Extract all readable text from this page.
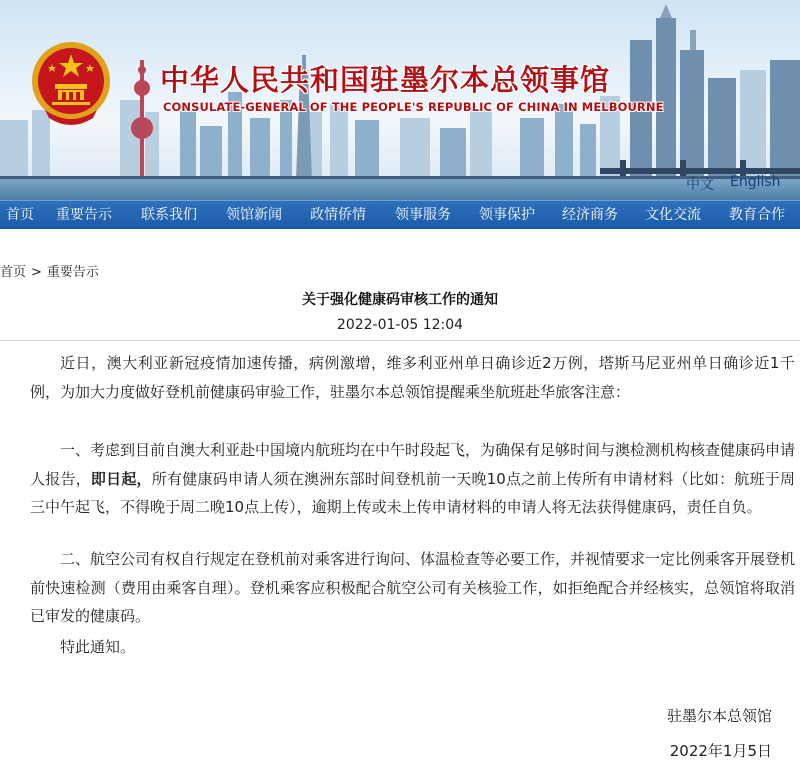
中华人民共和国驻墨尔本总领事馆
CONSULATE-GENERAL OF THE PEOPLE'S REPUBLIC OF CHINA IN MELBOURNE
中文 English
首页 重要告示 联系我们 领馆新闻 政情侨情 领事服务 领事保护 经济商务 文化交流 教育合作
首页 > 重要告示
关于强化健康码审核工作的通知
2022-01-05 12:04

近日，澳大利亚新冠疫情加速传播，病例激增，维多利亚州单日确诊近2万例，塔斯马尼亚州单日确诊近1千例，为加大力度做好登机前健康码审验工作，驻墨尔本总领馆提醒乘坐航班赴华旅客注意：

一、考虑到目前自澳大利亚赴中国境内航班均在中午时段起飞，为确保有足够时间与澳检测机构核查健康码申请人报告，即日起，所有健康码申请人须在澳洲东部时间登机前一天晚10点之前上传所有申请材料（比如：航班于周三中午起飞，不得晚于周二晚10点上传），逾期上传或未上传申请材料的申请人将无法获得健康码，责任自负。

二、航空公司有权自行规定在登机前对乘客进行询问、体温检查等必要工作，并视情要求一定比例乘客开展登机前快速检测（费用由乘客自理）。登机乘客应积极配合航空公司有关核验工作，如拒绝配合并经核实，总领馆将取消已审发的健康码。

特此通知。

驻墨尔本总领馆
2022年1月5日
